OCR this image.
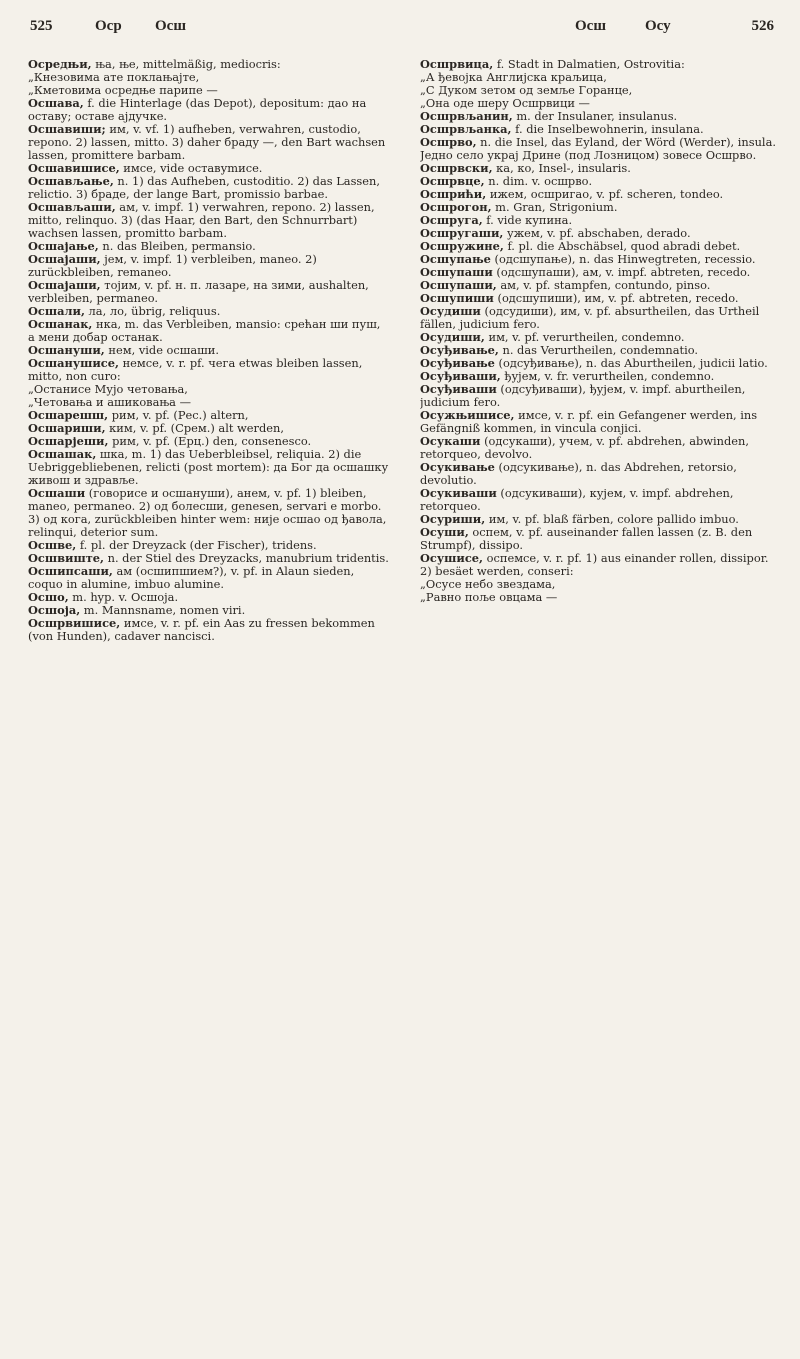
525	Оср Осш	Осш	Осу	526

Осредњи, ња, ње, mittelmäßig, mediocris:

„Кнезовима ате поклањајте,

„Кметовима осредње парипе —

Осшава, f. die Hinterlage (das Depot), depositum: дао на оставу; оставе ајдучке.

Осшавиши; им, v. vf. 1) aufheben, verwahren, custodio, repono. 2) lassen, mitto. 3) daher браду —, den Bart wachsen lassen, promittere barbam.

Осшавишисе, имсе, vide оставуmисе.

Осшављање, n. 1) das Aufheben, custoditio. 2) das Lassen, relictio. 3) браде, der lange Bart, promissio barbae.

Осшављаши, ам, v. impf. 1) verwahren, repono. 2) lassen, mitto, relinquo. 3) (das Haar, den Bart, den Schnurrbart) wachsen lassen, promitto barbam.

Осшајање, n. das Bleiben, permansio.

Осшајаши, јем, v. impf. 1) verbleiben, maneo. 2) zurückbleiben, remaneo.

Осшајаши, тојим, v. pf. н. п. лазаре, на зими, aushalten, verbleiben, permaneo.

Осшали, ла, ло, übrig, reliquus.

Осшанак, нка, m. das Verbleiben, mansio: срећан ши пуш, а мени добар останак.

Осшануши, нем, vide осшаши.

Осшанушисе, немсе, v. r. pf. чега etwas bleiben lassen, mitto, non curo:

„Останисе Мујо четовања,

„Четовања и ашиковања —

Осшарешш, рим, v. pf. (Рес.) altern,

Осшариши, ким, v. pf. (Срем.) alt werden,

Осшарјеши, рим, v. pf. (Ерц.) den, consenesco.

Осшашак, шка, m. 1) das Ueberbleibsel, reliquia. 2) die Uebriggebliebenen, relicti (post mortem): да Бог да осшашку живош и здравље.

Осшаши (говорисе и осшануши), анем, v. pf. 1) bleiben, maneo, permaneo. 2) од болесши, genesen, servari e morbo. 3) од кога, zurückbleiben hinter wem: није осшао од ђавола, relinqui, deterior sum.

Осшве, f. pl. der Dreyzack (der Fischer), tridens.

Осшвиште, n. der Stiel des Dreyzacks, manubrium tridentis.

Осшипсаши, ам (осшипшием?), v. pf. in Alaun sieden, coquo in alumine, imbuo alumine.

Осшо, m. hyp. v. Осшоја.

Осшоја, m. Mannsname, nomen viri.

Осшрвишисе, имсе, v. r. pf. ein Aas zu fressen bekommen (von Hunden), cadaver nancisci.

Осшрвица, f. Stadt in Dalmatien, Ostrovitia:

„А ђевојка Англијска краљица,

„С Дуком зетом од земље Горанце,

„Она оде шеру Осшрвици —

Осшрвљанин, m. der Insulaner, insulanus.

Осшрвљанка, f. die Inselbewohnerin, insulana.

Осшрво, n. die Insel, das Eyland, der Wörd (Werder), insula. Једно село украј Дрине (под Лозницом) зовесе Осшрво.

Осшрвски, ка, ко, Insel-, insularis.

Осшрвце, n. dim. v. осшрво.

Осшрићи, ижем, осшригао, v. pf. scheren, tondeo.

Осшрогон, m. Gran, Strigonium.

Осшруга, f. vide купина.

Осшругаши, ужем, v. pf. abschaben, derado.

Осшружине, f. pl. die Abschäbsel, quod abradi debet.

Осшупање (одсшупање), n. das Hinwegtreten, recessio.

Осшупаши (одсшупаши), ам, v. impf. abtreten, recedo.

Осшупаши, ам, v. pf. stampfen, contundo, pinso.

Осшупиши (одсшупиши), им, v. pf. abtreten, recedo.

Осудиши (одсудиши), им, v. pf. absurtheilen, das Urtheil fällen, judicium fero.

Осудиши, им, v. pf. verurtheilen, condemno.

Осуђивање, n. das Verurtheilen, condemnatio.

Осуђивање (одсуђивање), n. das Aburtheilen, judicii latio.

Осуђиваши, ђујем, v. fr. verurtheilen, condemno.

Осуђиваши (одсуђиваши), ђујем, v. impf. aburtheilen, judicium fero.

Осужњишисе, имсе, v. r. pf. ein Gefangener werden, ins Gefängniß kommen, in vincula conjici.

Осукаши (одсукаши), учем, v. pf. abdrehen, abwinden, retorqueo, devolvo.

Осукивање (одсукивање), n. das Abdrehen, retorsio, devolutio.

Осукиваши (одсукиваши), кујем, v. impf. abdrehen, retorqueo.

Осуриши, им, v. pf. blaß färben, colore pallido imbuo.

Осуши, оспем, v. pf. auseinander fallen lassen (z. B. den Strumpf), dissipo.

Осушисе, оспемсе, v. r. pf. 1) aus einander rollen, dissipor. 2) besäet werden, conseri:

„Осусе небо звездама,

„Равно поље овцама —
